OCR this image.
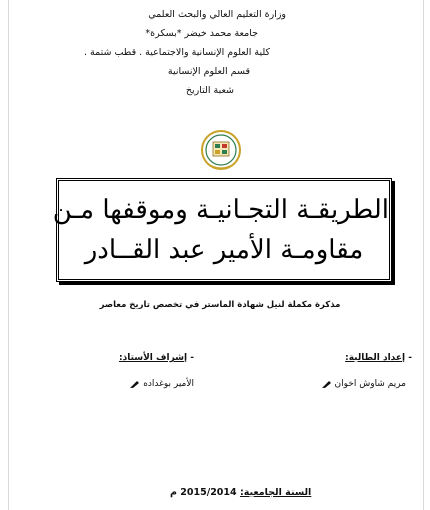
وزارة التعليم العالي والبحث العلمي
جامعة محمد خيضر *بسكرة*
كلية العلوم الإنسانية والاجتماعية . قطب شتمة .
قسم العلوم الإنسانية
شعبة التاريخ
الطريقـة التجـانيـة وموقفها مـن
مقاومـة الأمير عبد القــادر
مذكرة مكملة لنيل شهادة الماستر في تخصص تاريخ معاصر
- إعداد الطالبة:
- إشراف الأستاذ:
مريم شاوش اخوان
الأمير بوغداده
السنة الجامعية: 2015/2014 م
